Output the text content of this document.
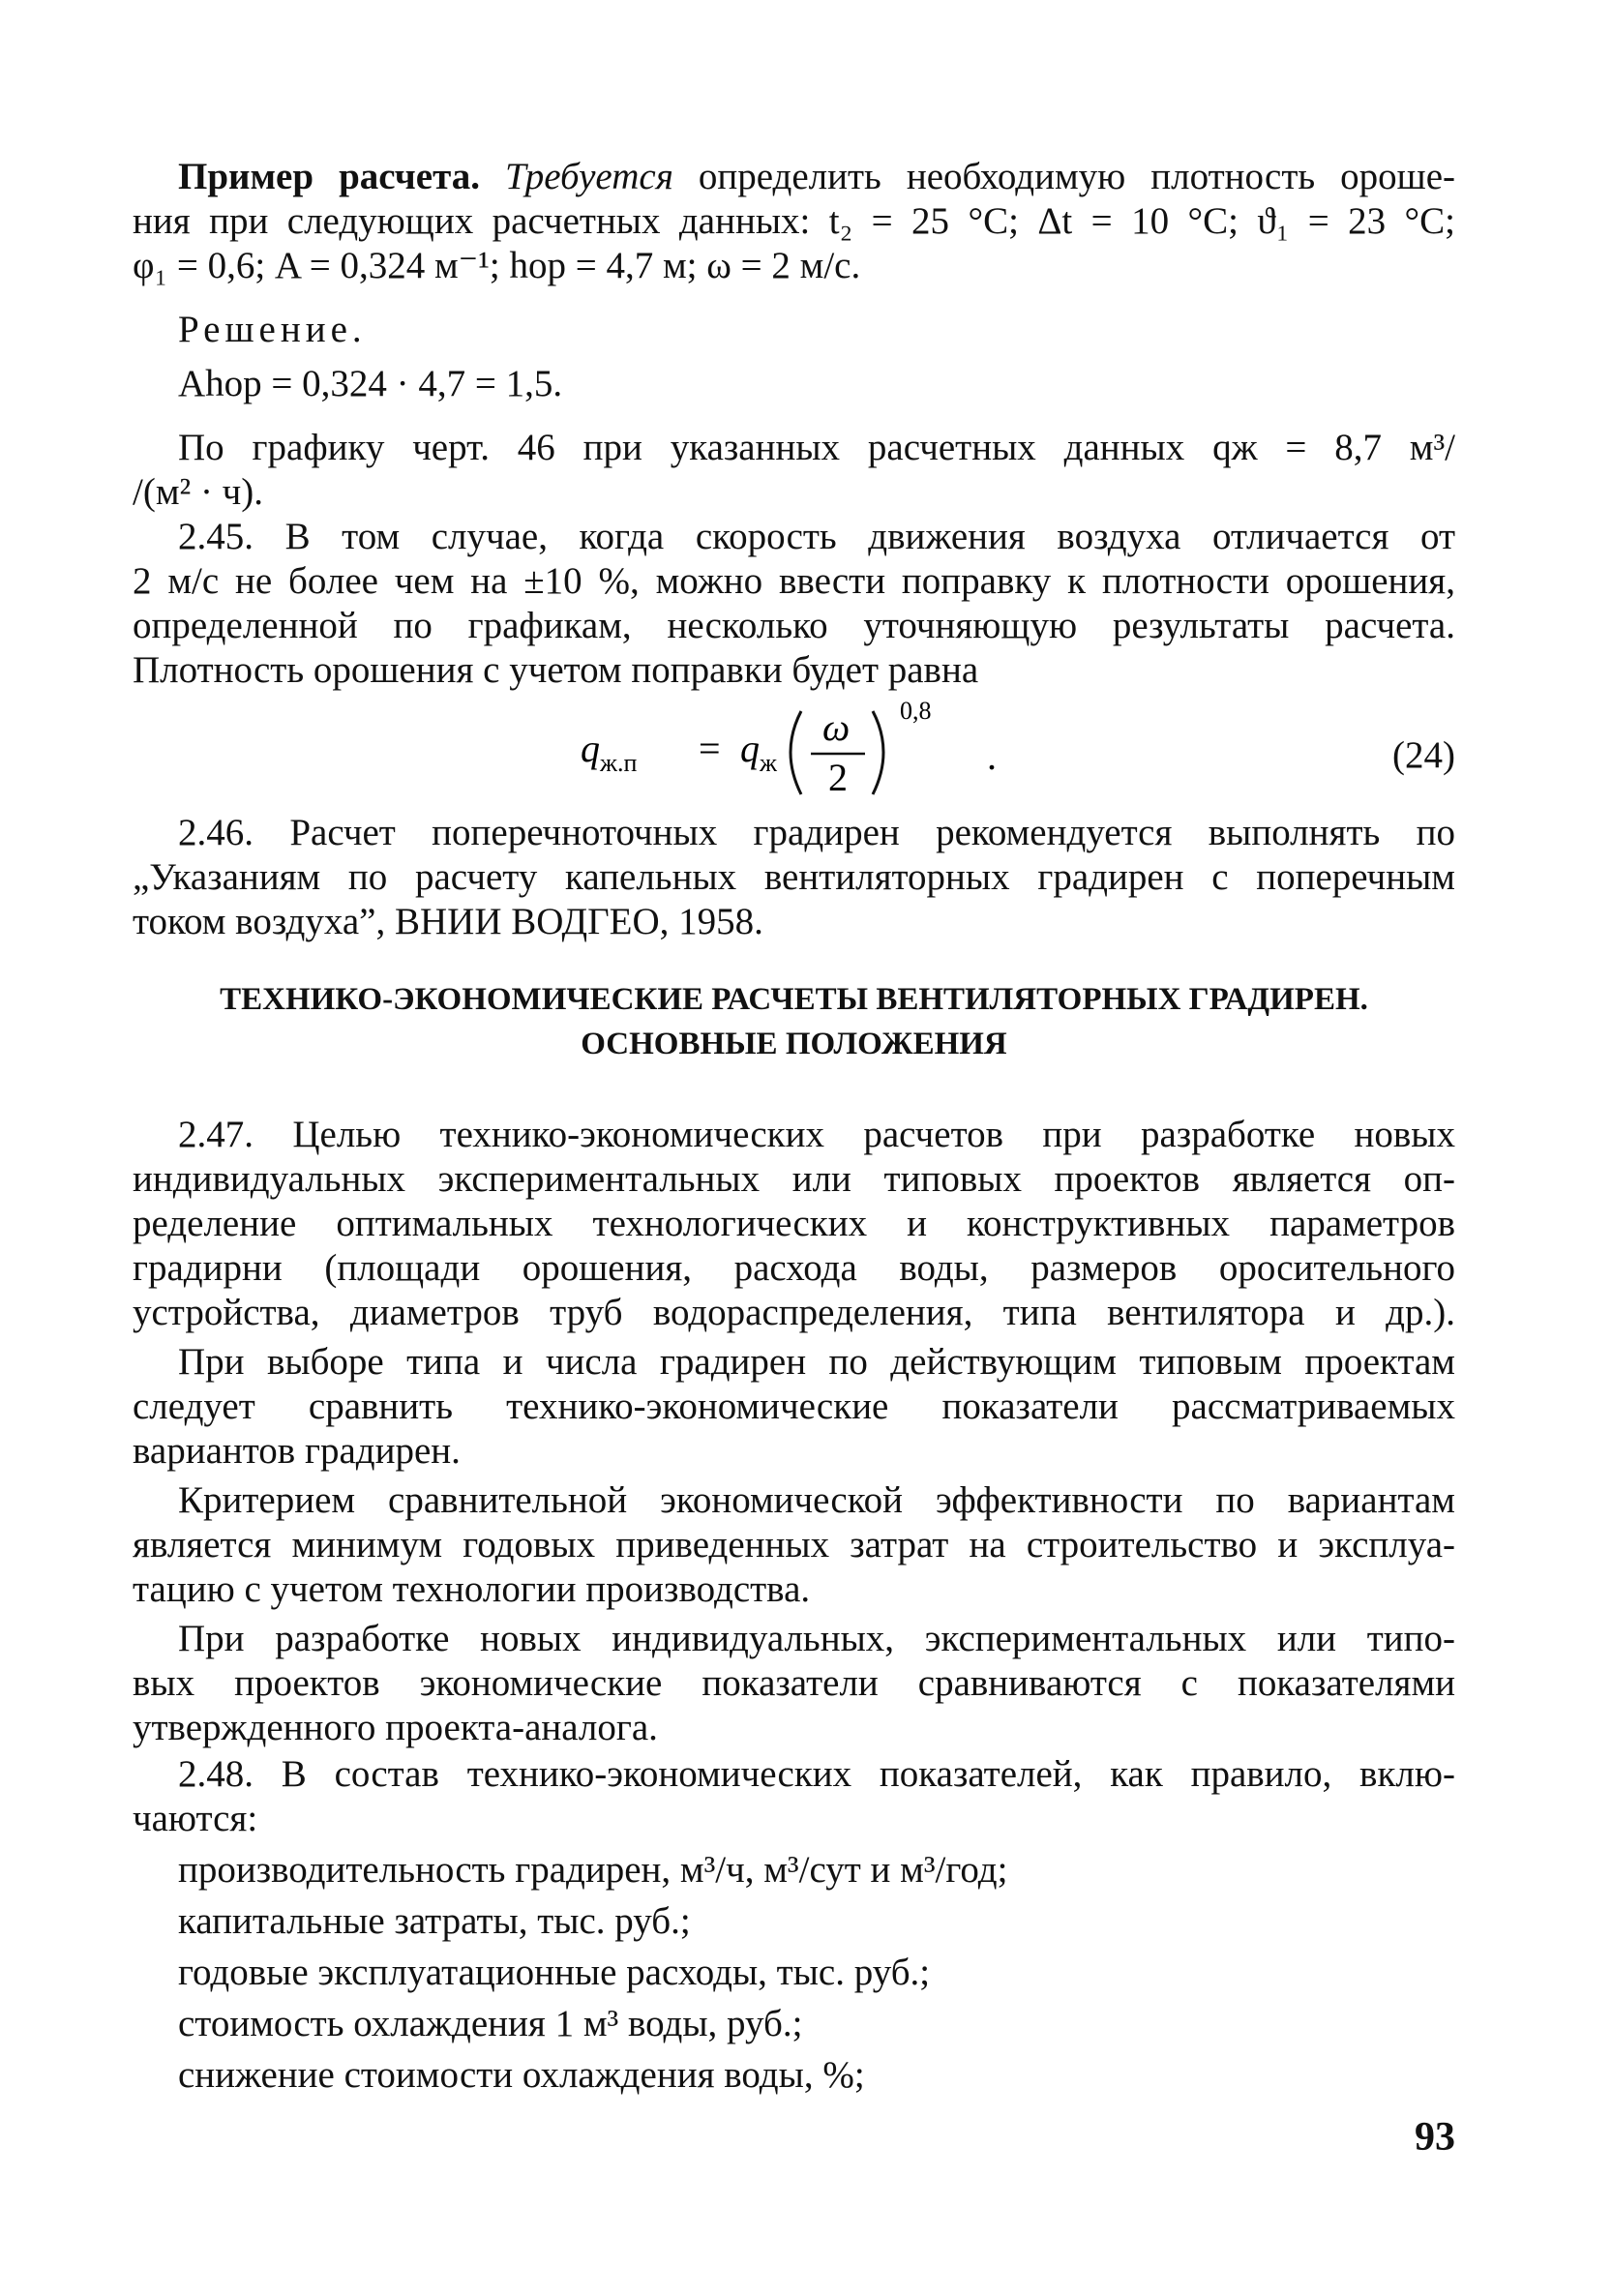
Пример расчета. Требуется определить необходимую плотность ороше-
ния при следующих расчетных данных: t₂ = 25 °С; Δt = 10 °С; ϑ₁ = 23 °С;
φ₁ = 0,6; A = 0,324 м⁻¹; hор = 4,7 м; ω = 2 м/с.
Решение.
Ahор = 0,324 · 4,7 = 1,5.
По графику черт. 46 при указанных расчетных данных qж = 8,7 м³/
/(м² · ч).
2.45. В том случае, когда скорость движения воздуха отличается от
2 м/с не более чем на ±10 %, можно ввести поправку к плотности орошения,
определенной по графикам, несколько уточняющую результаты расчета.
Плотность орошения с учетом поправки будет равна
q ж.п = q ж
ω
2
0,8
.	(24)
2.46. Расчет поперечноточных градирен рекомендуется выполнять по
„Указаниям по расчету капельных вентиляторных градирен с поперечным
током воздуха”, ВНИИ ВОДГЕО, 1958.
ТЕХНИКО-ЭКОНОМИЧЕСКИЕ РАСЧЕТЫ ВЕНТИЛЯТОРНЫХ ГРАДИРЕН.
ОСНОВНЫЕ ПОЛОЖЕНИЯ
2.47. Целью технико-экономических расчетов при разработке новых
индивидуальных экспериментальных или типовых проектов является оп-
ределение оптимальных технологических и конструктивных параметров
градирни (площади орошения, расхода воды, размеров оросительного
устройства, диаметров труб водораспределения, типа вентилятора и др.).
При выборе типа и числа градирен по действующим типовым проектам
следует сравнить технико-экономические показатели рассматриваемых
вариантов градирен.
Критерием сравнительной экономической эффективности по вариантам
является минимум годовых приведенных затрат на строительство и эксплуа-
тацию с учетом технологии производства.
При разработке новых индивидуальных, экспериментальных или типо-
вых проектов экономические показатели сравниваются с показателями
утвержденного проекта-аналога.
2.48. В состав технико-экономических показателей, как правило, вклю-
чаются:
производительность градирен, м³/ч, м³/сут и м³/год;
капитальные затраты, тыс. руб.;
годовые эксплуатационные расходы, тыс. руб.;
стоимость охлаждения 1 м³ воды, руб.;
снижение стоимости охлаждения воды, %;
93
